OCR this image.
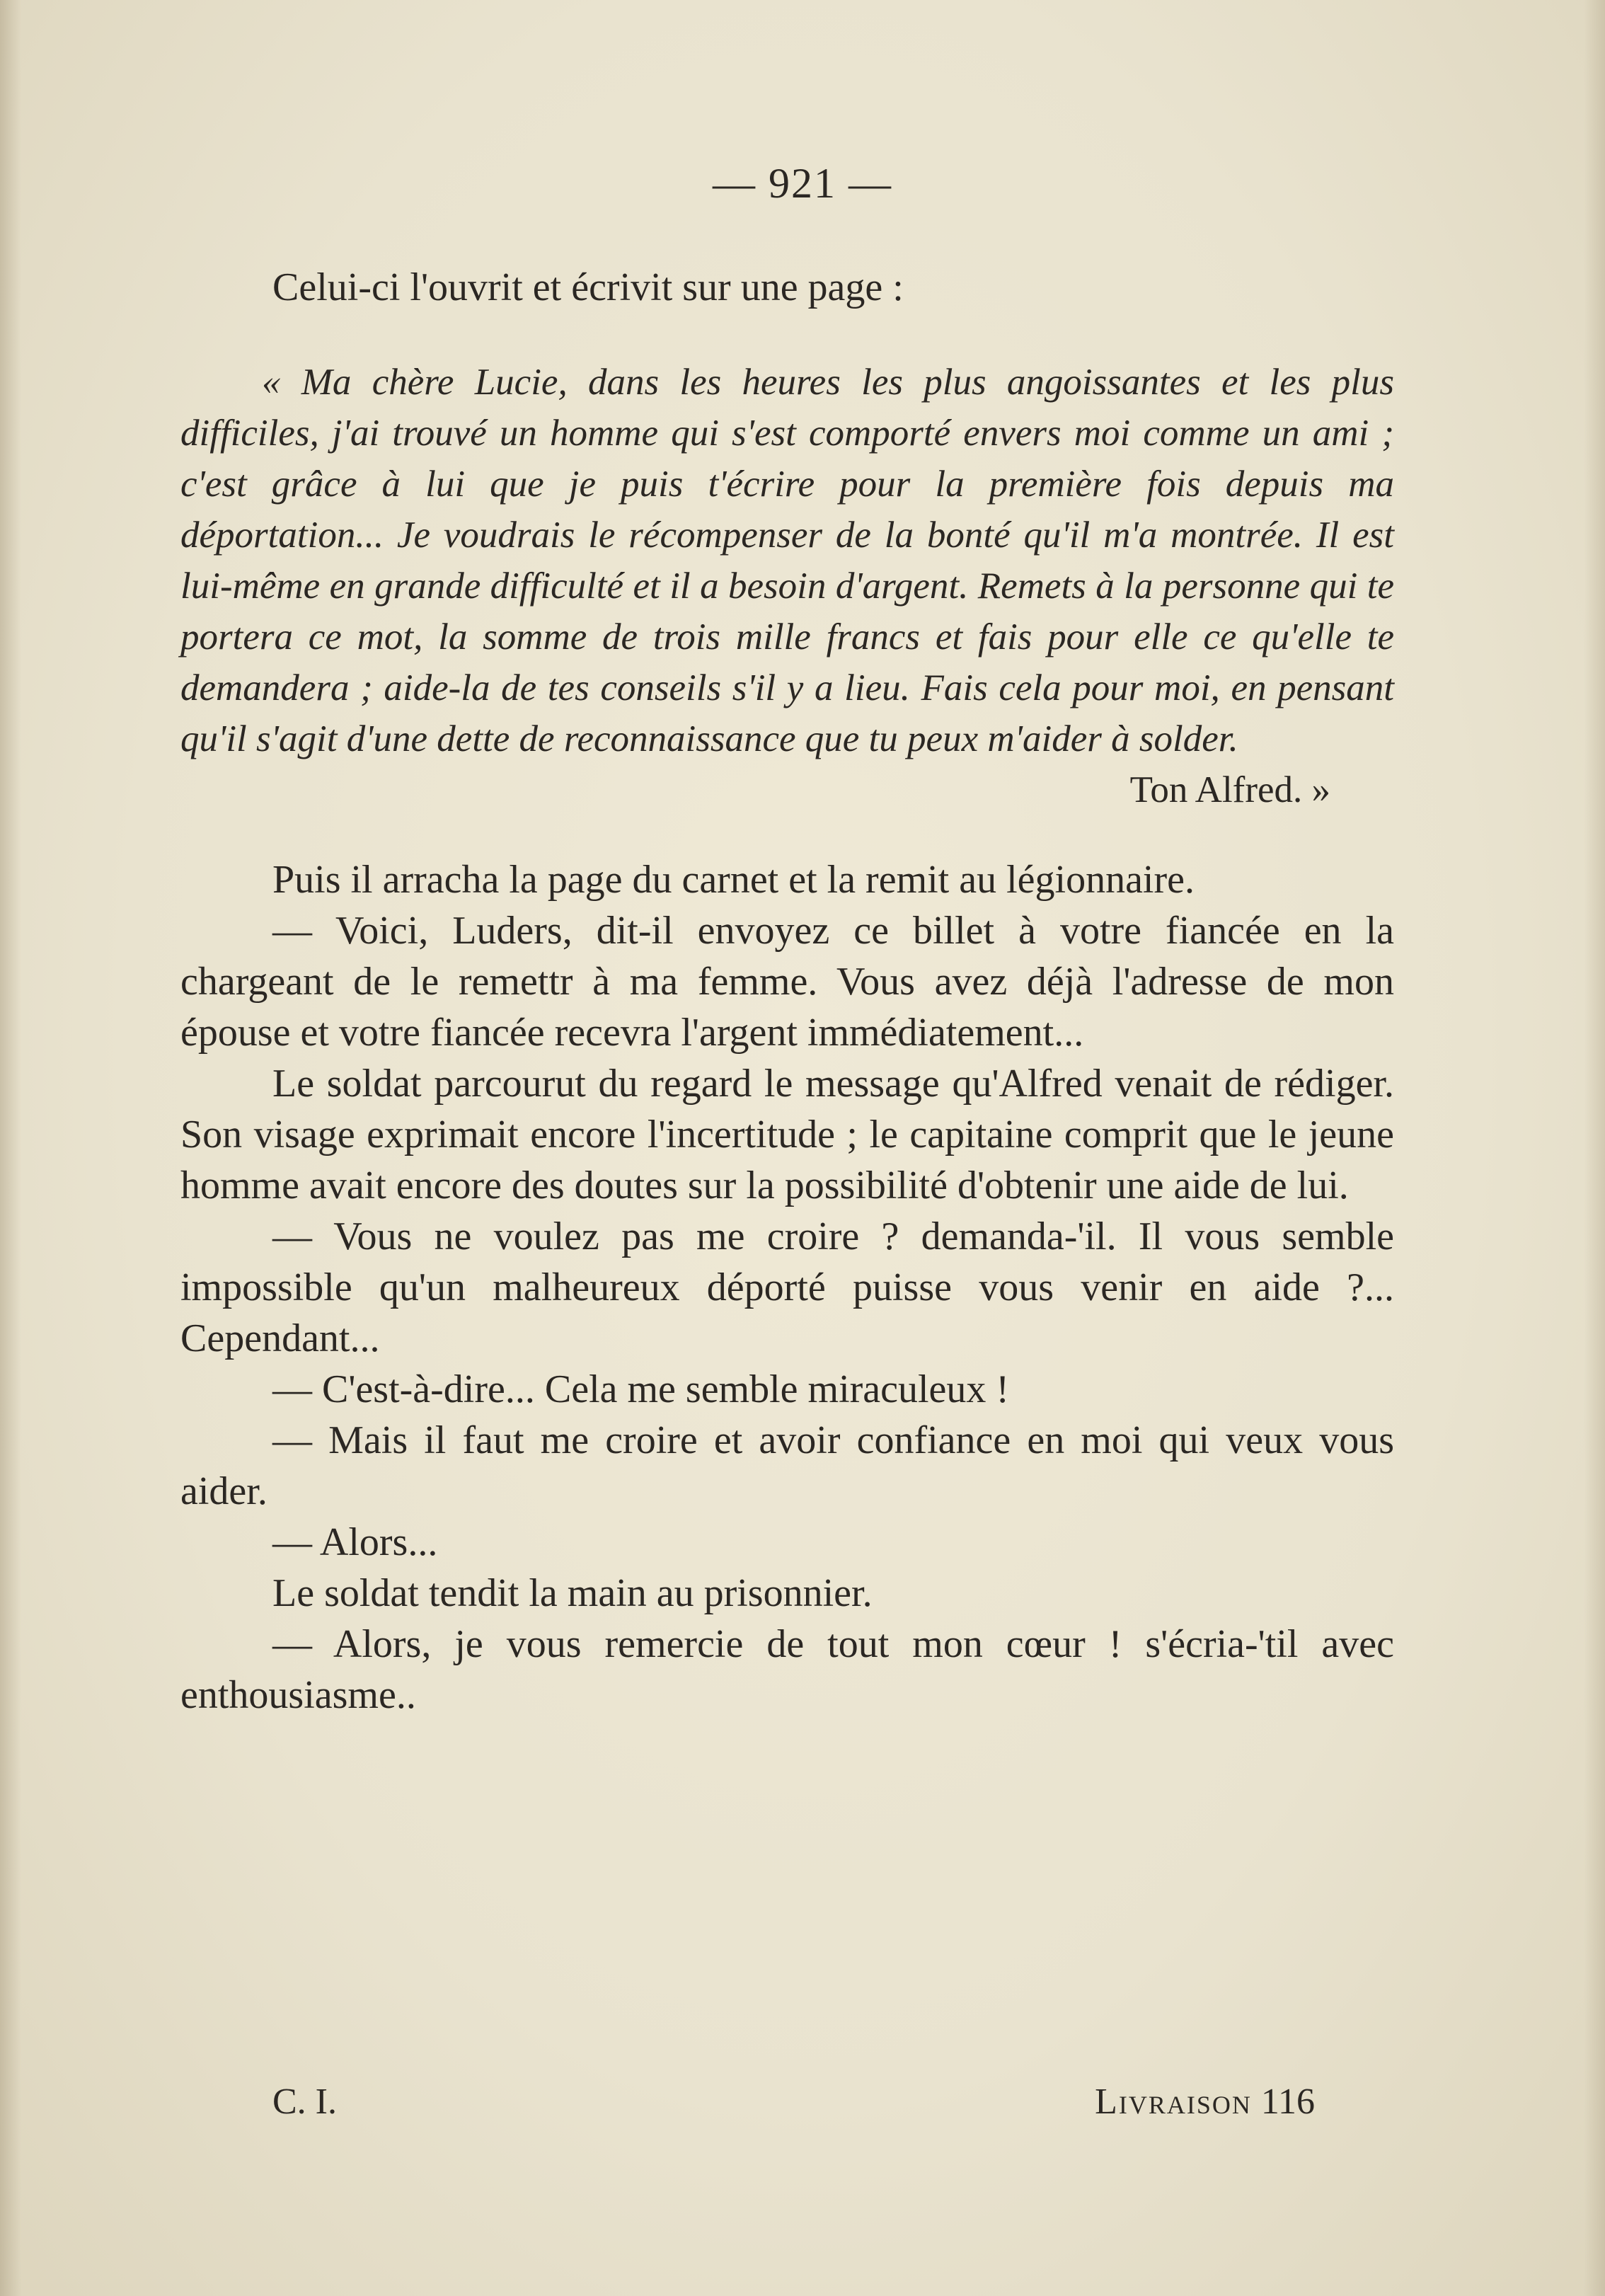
— 921 —

Celui-ci l'ouvrit et écrivit sur une page :

« Ma chère Lucie, dans les heures les plus angoissantes et les plus difficiles, j'ai trouvé un homme qui s'est comporté envers moi comme un ami ; c'est grâce à lui que je puis t'écrire pour la première fois depuis ma déportation... Je voudrais le récompenser de la bonté qu'il m'a montrée. Il est lui-même en grande difficulté et il a besoin d'argent. Remets à la personne qui te portera ce mot, la somme de trois mille francs et fais pour elle ce qu'elle te demandera ; aide-la de tes conseils s'il y a lieu. Fais cela pour moi, en pensant qu'il s'agit d'une dette de reconnaissance que tu peux m'aider à solder.

Ton Alfred. »

Puis il arracha la page du carnet et la remit au légionnaire.

— Voici, Luders, dit-il envoyez ce billet à votre fiancée en la chargeant de le remettr à ma femme. Vous avez déjà l'adresse de mon épouse et votre fiancée recevra l'argent immédiatement...

Le soldat parcourut du regard le message qu'Alfred venait de rédiger. Son visage exprimait encore l'incertitude ; le capitaine comprit que le jeune homme avait encore des doutes sur la possibilité d'obtenir une aide de lui.

— Vous ne voulez pas me croire ? demanda-'il. Il vous semble impossible qu'un malheureux déporté puisse vous venir en aide ?... Cependant...

— C'est-à-dire... Cela me semble miraculeux !

— Mais il faut me croire et avoir confiance en moi qui veux vous aider.

— Alors...

Le soldat tendit la main au prisonnier.

— Alors, je vous remercie de tout mon cœur ! s'écria-'til avec enthousiasme..

C. I.	Livraison 116
